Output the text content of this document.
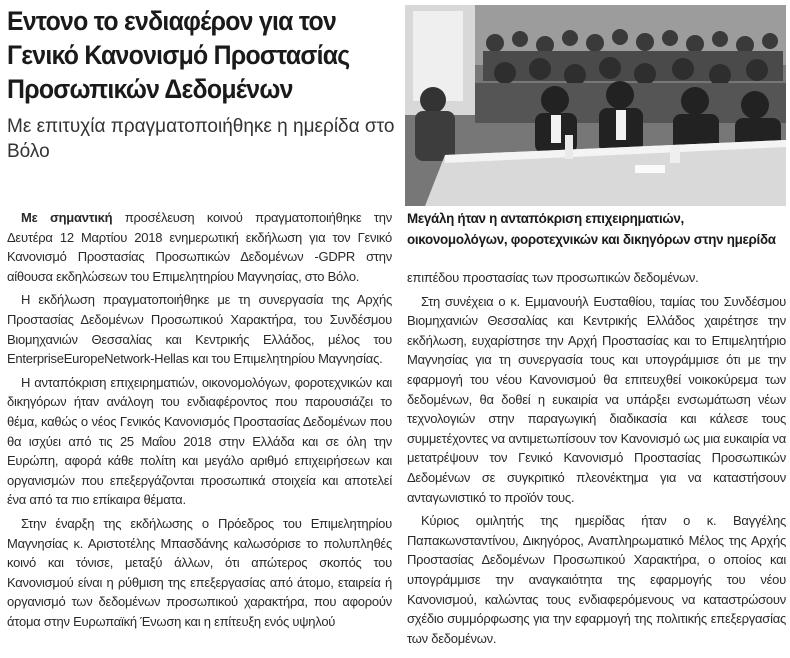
Εντονο το ενδιαφέρον για τον Γενικό Κανονισμό Προστασίας Προσωπικών Δεδομένων
Με επιτυχία πραγματοποιήθηκε η ημερίδα στο Βόλο

Με σημαντική προσέλευση κοινού πραγματοποιήθηκε την Δευτέρα 12 Μαρτίου 2018 ενημερωτική εκδήλωση για τον Γενικό Κανονισμό Προστασίας Προσωπικών Δεδομένων -GDPR στην αίθουσα εκδηλώσεων του Επιμελητηρίου Μαγνησίας, στο Βόλο.

Η εκδήλωση πραγματοποιήθηκε με τη συνεργασία της Αρχής Προστασίας Δεδομένων Προσωπικού Χαρακτήρα, του Συνδέσμου Βιομηχανιών Θεσσαλίας και Κεντρικής Ελλάδος, μέλος του EnterpriseEuropeNetwork-Hellas και του Επιμελητηρίου Μαγνησίας.

Η ανταπόκριση επιχειρηματιών, οικονομολόγων, φοροτεχνικών και δικηγόρων ήταν ανάλογη του ενδιαφέροντος που παρουσιάζει το θέμα, καθώς ο νέος Γενικός Κανονισμός Προστασίας Δεδομένων που θα ισχύει από τις 25 Μαΐου 2018 στην Ελλάδα και σε όλη την Ευρώπη, αφορά κάθε πολίτη και μεγάλο αριθμό επιχειρήσεων και οργανισμών που επεξεργάζονται προσωπικά στοιχεία και αποτελεί ένα από τα πιο επίκαιρα θέματα.

Στην έναρξη της εκδήλωσης ο Πρόεδρος του Επιμελητηρίου Μαγνησίας κ. Αριστοτέλης Μπασδάνης καλωσόρισε το πολυπληθές κοινό και τόνισε, μεταξύ άλλων, ότι απώτερος σκοπός του Κανονισμού είναι η ρύθμιση της επεξεργασίας από άτομο, εταιρεία ή οργανισμό των δεδομένων προσωπικού χαρακτήρα, που αφορούν άτομα στην Ευρωπαϊκή Ένωση και η επίτευξη ενός υψηλού

Μεγάλη ήταν η ανταπόκριση επιχειρηματιών, οικονομολόγων, φοροτεχνικών και δικηγόρων στην ημερίδα

επιπέδου προστασίας των προσωπικών δεδομένων.

Στη συνέχεια ο κ. Εμμανουήλ Ευσταθίου, ταμίας του Συνδέσμου Βιομηχανιών Θεσσαλίας και Κεντρικής Ελλάδος χαιρέτησε την εκδήλωση, ευχαρίστησε την Αρχή Προστασίας και το Επιμελητήριο Μαγνησίας για τη συνεργασία τους και υπογράμμισε ότι με την εφαρμογή του νέου Κανονισμού θα επιτευχθεί νοικοκύρεμα των δεδομένων, θα δοθεί η ευκαιρία να υπάρξει ενσωμάτωση νέων τεχνολογιών στην παραγωγική διαδικασία και κάλεσε τους συμμετέχοντες να αντιμετωπίσουν τον Κανονισμό ως μια ευκαιρία να μετατρέψουν τον Γενικό Κανονισμό Προστασίας Προσωπικών Δεδομένων σε συγκριτικό πλεονέκτημα για να καταστήσουν ανταγωνιστικό το προϊόν τους.

Κύριος ομιλητής της ημερίδας ήταν ο κ. Βαγγέλης Παπακωνσταντίνου, Δικηγόρος, Αναπληρωματικό Μέλος της Αρχής Προστασίας Δεδομένων Προσωπικού Χαρακτήρα, ο οποίος και υπογράμμισε την αναγκαιότητα της εφαρμογής του νέου Κανονισμού, καλώντας τους ενδιαφερόμενους να καταστρώσουν σχέδιο συμμόρφωσης για την εφαρμογή της πολιτικής επεξεργασίας των δεδομένων.
